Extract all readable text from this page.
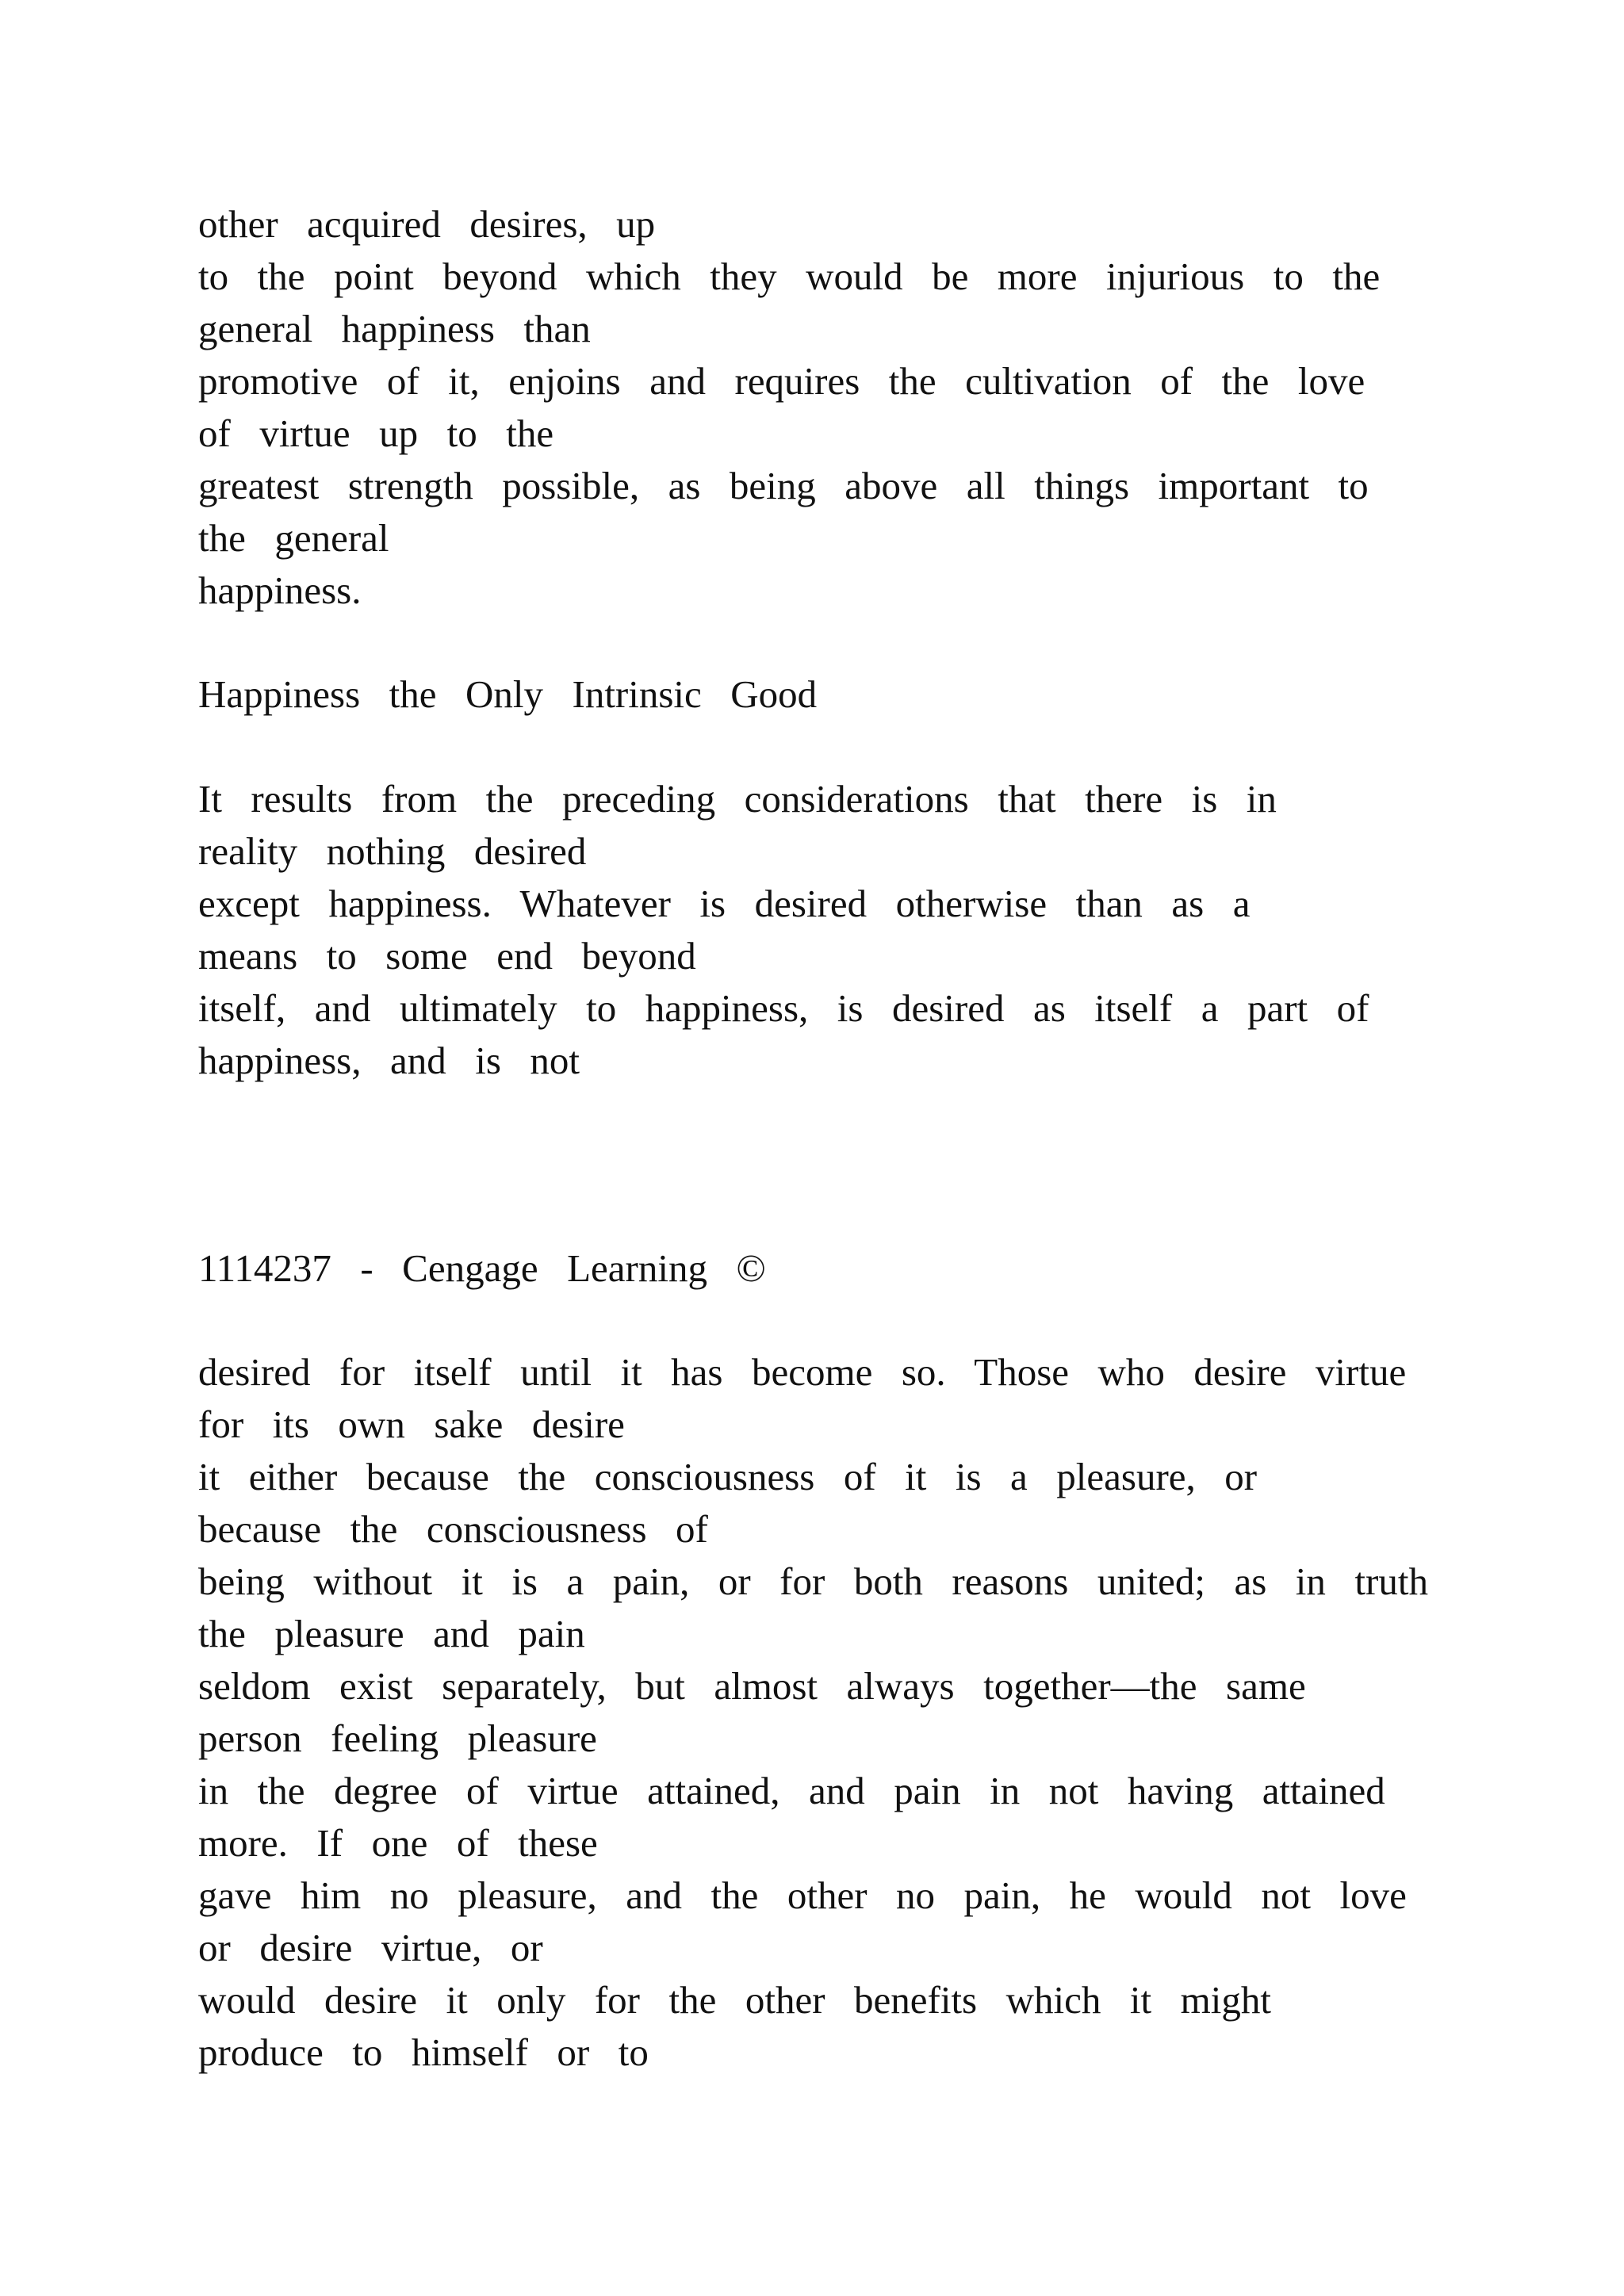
other  acquired  desires,  up
to  the  point  beyond  which  they  would  be  more  injurious  to  the
general  happiness  than
promotive  of  it,  enjoins  and  requires  the  cultivation  of  the  love
of  virtue  up  to  the
greatest  strength  possible,  as  being  above  all  things  important  to
the  general
happiness.
Happiness  the  Only  Intrinsic  Good
It  results  from  the  preceding  considerations  that  there  is  in
reality  nothing  desired
except  happiness.  Whatever  is  desired  otherwise  than  as  a
means  to  some  end  beyond
itself,  and  ultimately  to  happiness,  is  desired  as  itself  a  part  of
happiness,  and  is  not
1114237  -  Cengage  Learning  ©
desired  for  itself  until  it  has  become  so.  Those  who  desire  virtue
for  its  own  sake  desire
it  either  because  the  consciousness  of  it  is  a  pleasure,  or
because  the  consciousness  of
being  without  it  is  a  pain,  or  for  both  reasons  united;  as  in  truth
the  pleasure  and  pain
seldom  exist  separately,  but  almost  always  together—the  same
person  feeling  pleasure
in  the  degree  of  virtue  attained,  and  pain  in  not  having  attained
more.  If  one  of  these
gave  him  no  pleasure,  and  the  other  no  pain,  he  would  not  love
or  desire  virtue,  or
would  desire  it  only  for  the  other  benefits  which  it  might
produce  to  himself  or  to
